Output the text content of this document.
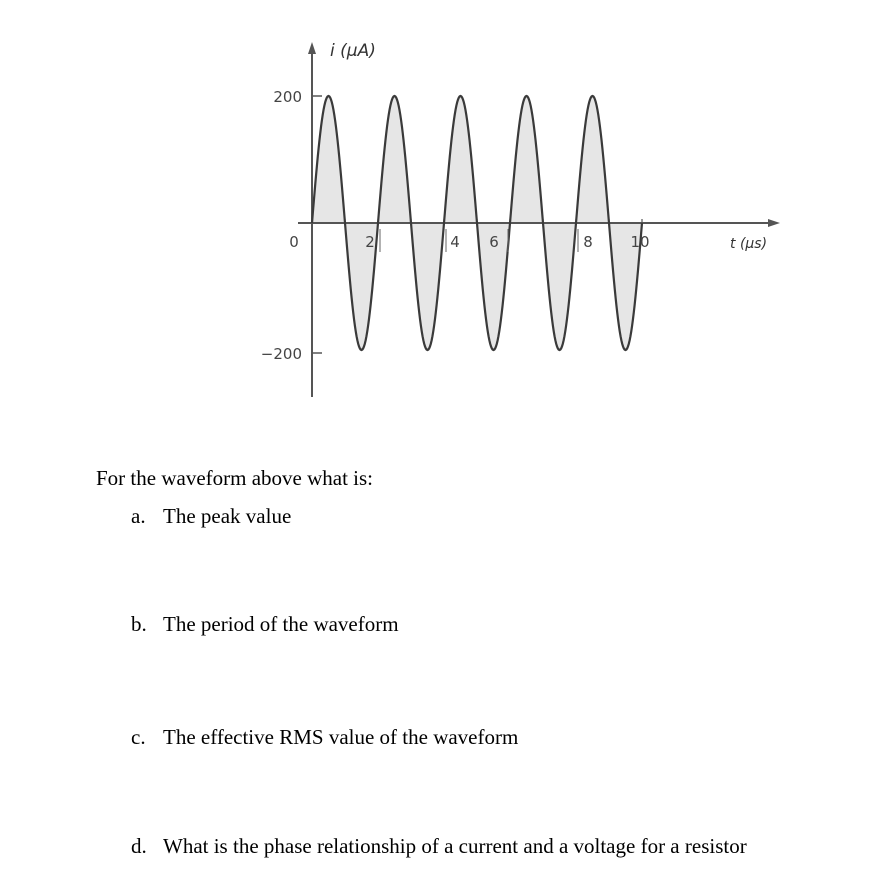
i (μA)
t (μs)
200
−200
0	2	4 6	8	10
For the waveform above what is:
a. The peak value
b. The period of the waveform
c. The effective RMS value of the waveform
d. What is the phase relationship of a current and a voltage for a resistor
